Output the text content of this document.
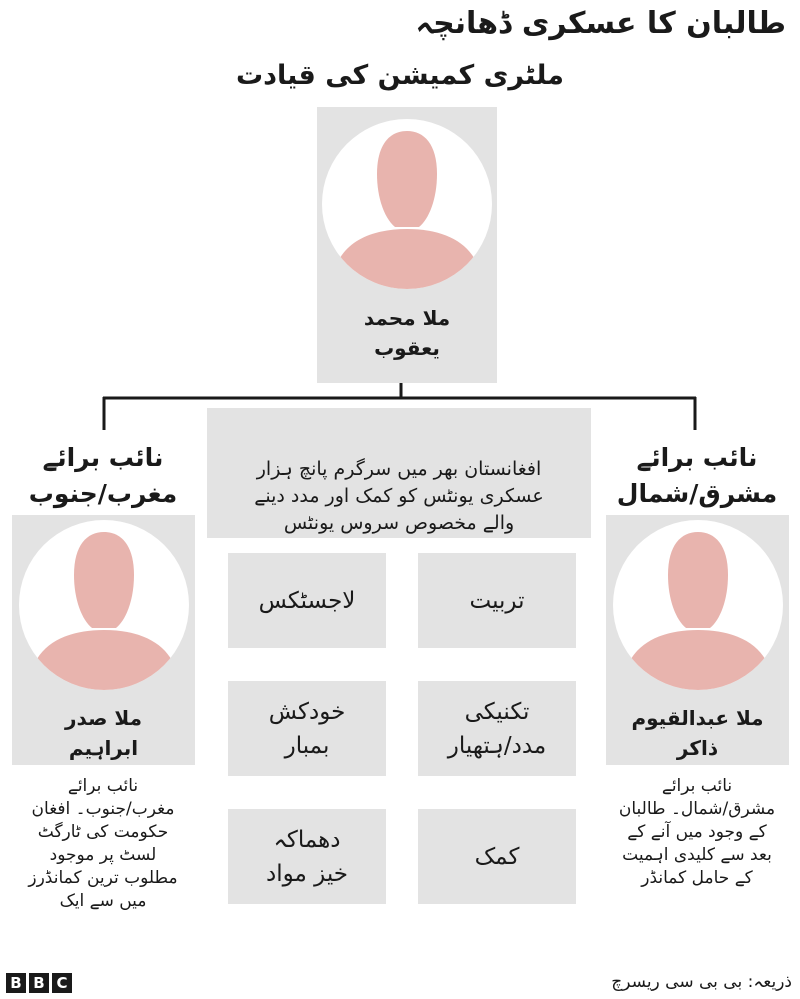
طالبان کا عسکری ڈھانچہ
ملٹری کمیشن کی قیادت
ملا محمد
یعقوب
نائب برائے
مغرب/جنوب
نائب برائے
مشرق/شمال
ملا صدر
ابراہیم
ملا عبدالقیوم
ذاکر
نائب برائے
مغرب/جنوب۔ افغان
حکومت کی ٹارگٹ
لسٹ پر موجود
مطلوب ترین کمانڈرز
میں سے ایک
نائب برائے
مشرق/شمال۔ طالبان
کے وجود میں آنے کے
بعد سے کلیدی اہمیت
کے حامل کمانڈر
افغانستان بھر میں سرگرم پانچ ہزار
عسکری یونٹس کو کمک اور مدد دینے
والے مخصوص سروس یونٹس
تربیت
لاجسٹکس
تکنیکی
مدد/ہتھیار
خودکش
بمبار
کمک
دھماکہ
خیز مواد
B B C	ذریعہ: بی بی سی ریسرچ
